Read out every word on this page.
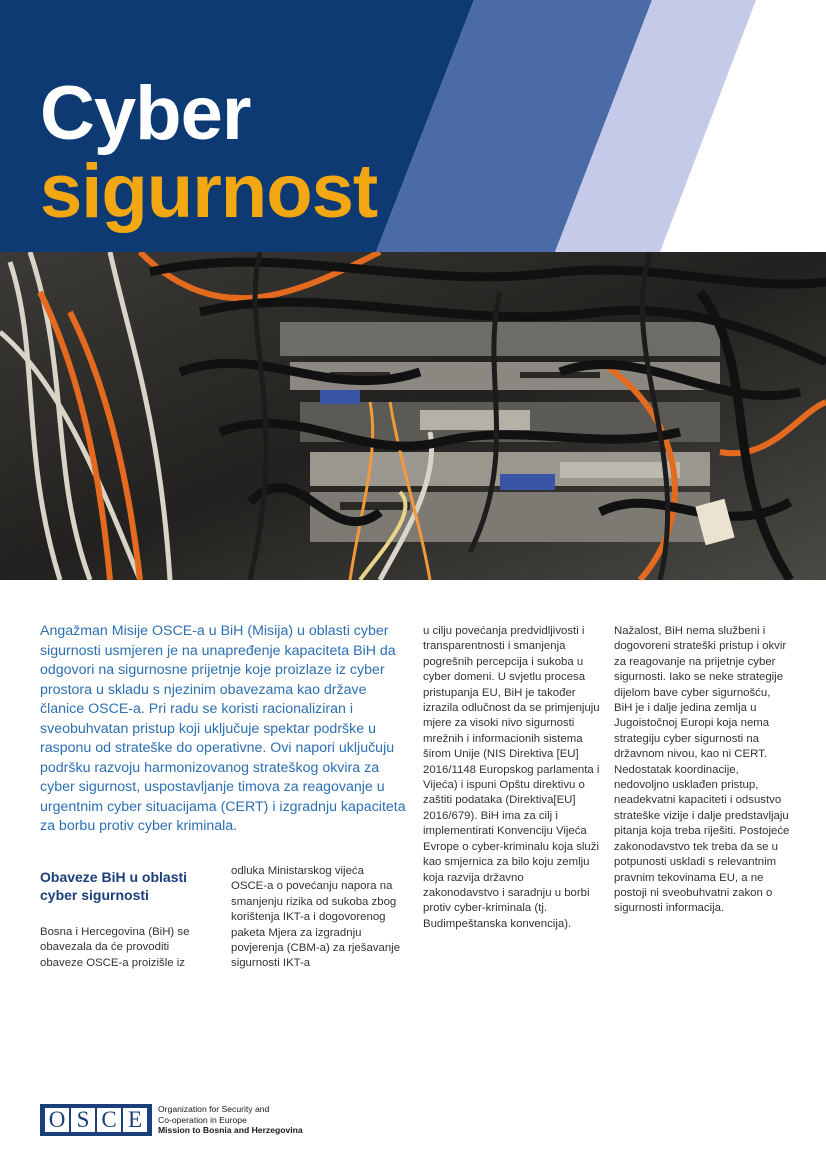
Cyber
sigurnost

Angažman Misije OSCE-a u BiH (Misija) u oblasti cyber sigurnosti usmjeren je na unapređenje kapaciteta BiH da odgovori na sigurnosne prijetnje koje proizlaze iz cyber prostora u skladu s njezinim obavezama kao države članice OSCE-a. Pri radu se koristi racionaliziran i sveobuhvatan pristup koji uključuje spektar podrške u rasponu od strateške do operativne. Ovi napori uključuju podršku razvoju harmonizovanog strateškog okvira za cyber sigurnost, uspostavljanje timova za reagovanje u urgentnim cyber situacijama (CERT) i izgradnju kapaciteta za borbu protiv cyber kriminala.

Obaveze BiH u oblasti cyber sigurnosti

Bosna i Hercegovina (BiH) se obavezala da će provoditi obaveze OSCE-a proizišle iz

odluka Ministarskog vijeća OSCE-a o povećanju napora na smanjenju rizika od sukoba zbog korištenja IKT-a i dogovorenog paketa Mjera za izgradnju povjerenja (CBM-a) za rješavanje sigurnosti IKT-a

u cilju povećanja predvidljivosti i transparentnosti i smanjenja pogrešnih percepcija i sukoba u cyber domeni. U svjetlu procesa pristupanja EU, BiH je također izrazila odlučnost da se primjenjuju mjere za visoki nivo sigurnosti mrežnih i informacionih sistema širom Unije (NIS Direktiva [EU] 2016/1148 Europskog parlamenta i Vijeća) i ispuni Opštu direktivu o zaštiti podataka (Direktiva[EU] 2016/679). BiH ima za cilj i implementirati Konvenciju Vijeća Evrope o cyber-kriminalu koja služi kao smjernica za bilo koju zemlju koja razvija državno zakonodavstvo i saradnju u borbi protiv cyber-kriminala (tj. Budimpeštanska konvencija).

Nažalost, BiH nema službeni i dogovoreni strateški pristup i okvir za reagovanje na prijetnje cyber sigurnosti. Iako se neke strategije dijelom bave cyber sigurnošću, BiH je i dalje jedina zemlja u Jugoistočnoj Europi koja nema strategiju cyber sigurnosti na državnom nivou, kao ni CERT. Nedostatak koordinacije, nedovoljno usklađen pristup, neadekvatni kapaciteti i odsustvo strateške vizije i dalje predstavljaju pitanja koja treba riješiti. Postojeće zakonodavstvo tek treba da se u potpunosti uskladi s relevantnim pravnim tekovinama EU, a ne postoji ni sveobuhvatni zakon o sigurnosti informacija.

O S C E	Organization for Security and
Co-operation in Europe
Mission to Bosnia and Herzegovina
